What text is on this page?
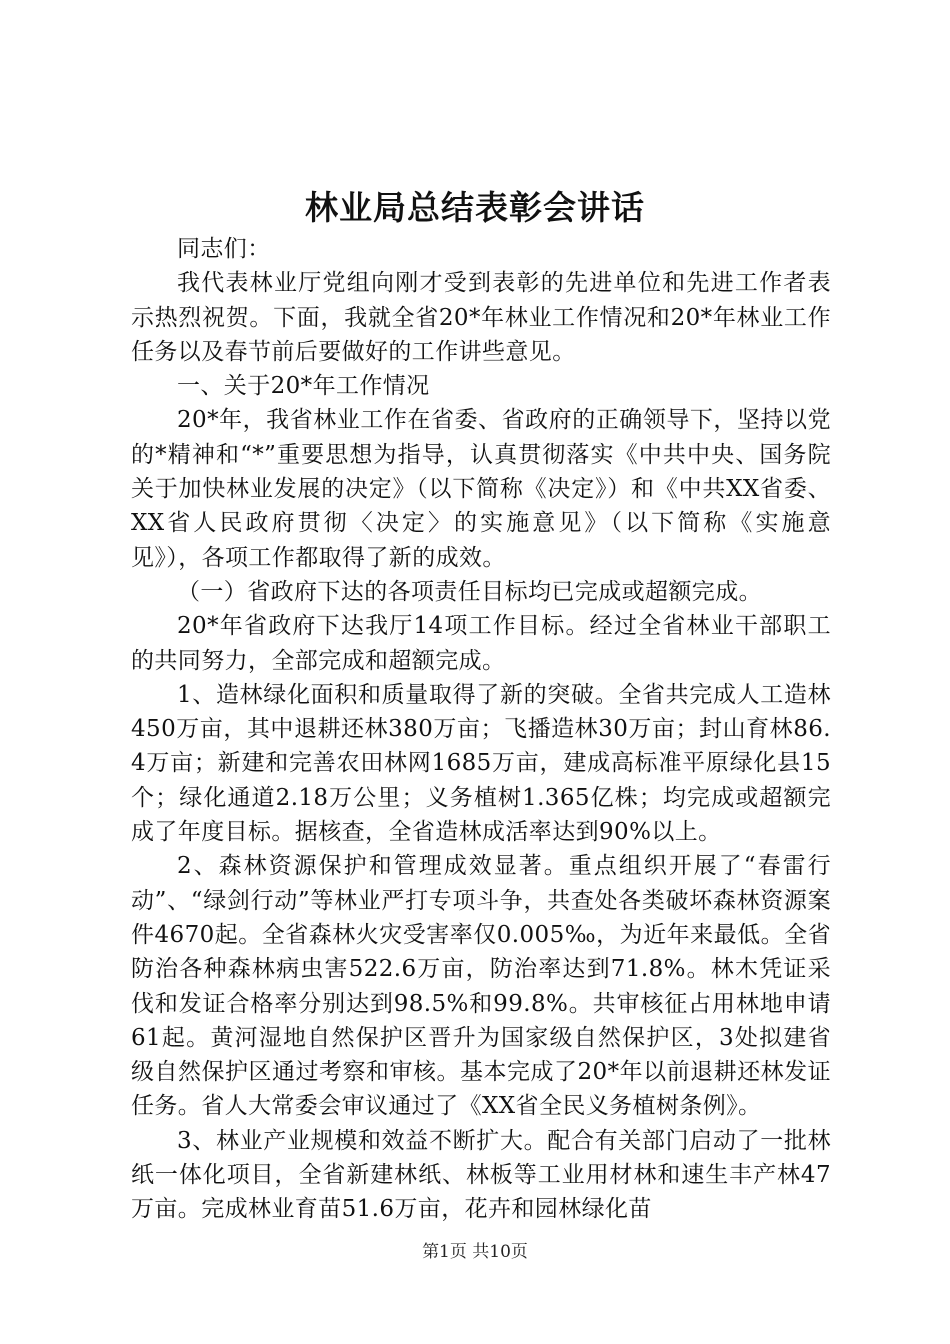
林业局总结表彰会讲话

同志们：

我代表林业厅党组向刚才受到表彰的先进单位和先进工作者表示热烈祝贺。下面，我就全省20*年林业工作情况和20*年林业工作任务以及春节前后要做好的工作讲些意见。

一、关于20*年工作情况

20*年，我省林业工作在省委、省政府的正确领导下，坚持以党的*精神和“*”重要思想为指导，认真贯彻落实《中共中央、国务院关于加快林业发展的决定》（以下简称《决定》）和《中共XX省委、XX省人民政府贯彻〈决定〉的实施意见》（以下简称《实施意见》），各项工作都取得了新的成效。

（一）省政府下达的各项责任目标均已完成或超额完成。

20*年省政府下达我厅14项工作目标。经过全省林业干部职工的共同努力，全部完成和超额完成。

1、造林绿化面积和质量取得了新的突破。全省共完成人工造林450万亩，其中退耕还林380万亩；飞播造林30万亩；封山育林86.4万亩；新建和完善农田林网1685万亩，建成高标准平原绿化县15个；绿化通道2.18万公里；义务植树1.365亿株；均完成或超额完成了年度目标。据核查，全省造林成活率达到90%以上。

2、森林资源保护和管理成效显著。重点组织开展了“春雷行动”、“绿剑行动”等林业严打专项斗争，共查处各类破坏森林资源案件4670起。全省森林火灾受害率仅0.005‰，为近年来最低。全省防治各种森林病虫害522.6万亩，防治率达到71.8%。林木凭证采伐和发证合格率分别达到98.5%和99.8%。共审核征占用林地申请61起。黄河湿地自然保护区晋升为国家级自然保护区，3处拟建省级自然保护区通过考察和审核。基本完成了20*年以前退耕还林发证任务。省人大常委会审议通过了《XX省全民义务植树条例》。

3、林业产业规模和效益不断扩大。配合有关部门启动了一批林纸一体化项目，全省新建林纸、林板等工业用材林和速生丰产林47万亩。完成林业育苗51.6万亩，花卉和园林绿化苗

第1页 共10页
